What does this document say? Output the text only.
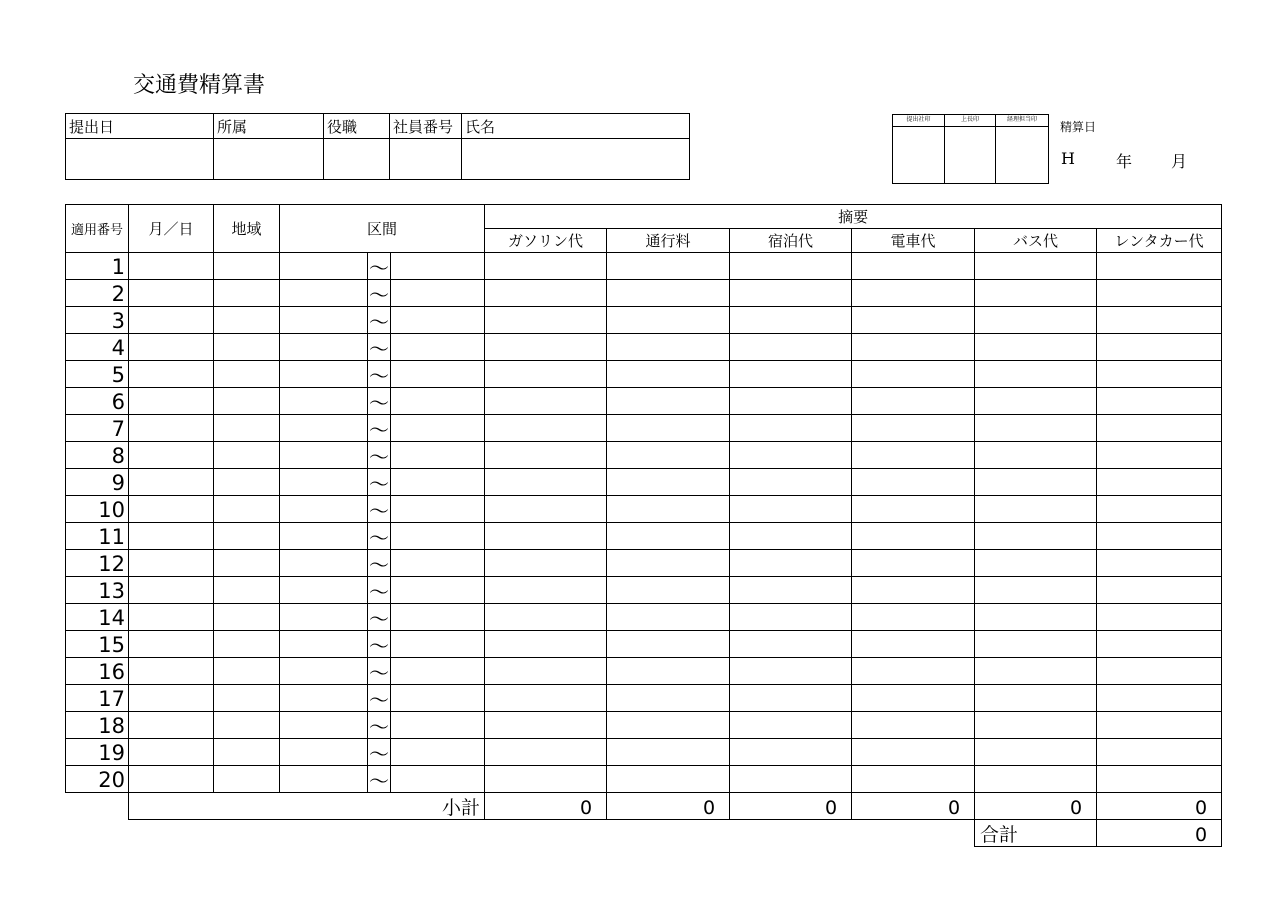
交通費精算書
提出日	所属	役職	社員番号	氏名
					提出社印	上長印	経理担当印

精算日
H	年 月
適用番号	月／日	地域	区間			摘要					
						ガソリン代	通行料	宿泊代	電車代	バス代	レンタカー代
1				〜							
2				〜							
3				〜							
4				〜							
5				〜							
6				〜							
7				〜							
8				〜							
9				〜							
10				〜							
11				〜							
12				〜							
13				〜							
14				〜							
15				〜							
16				〜							
17				〜							
18				〜							
19				〜							
20				〜							
	小計					0	0	0	0	0	0
										合計	0
